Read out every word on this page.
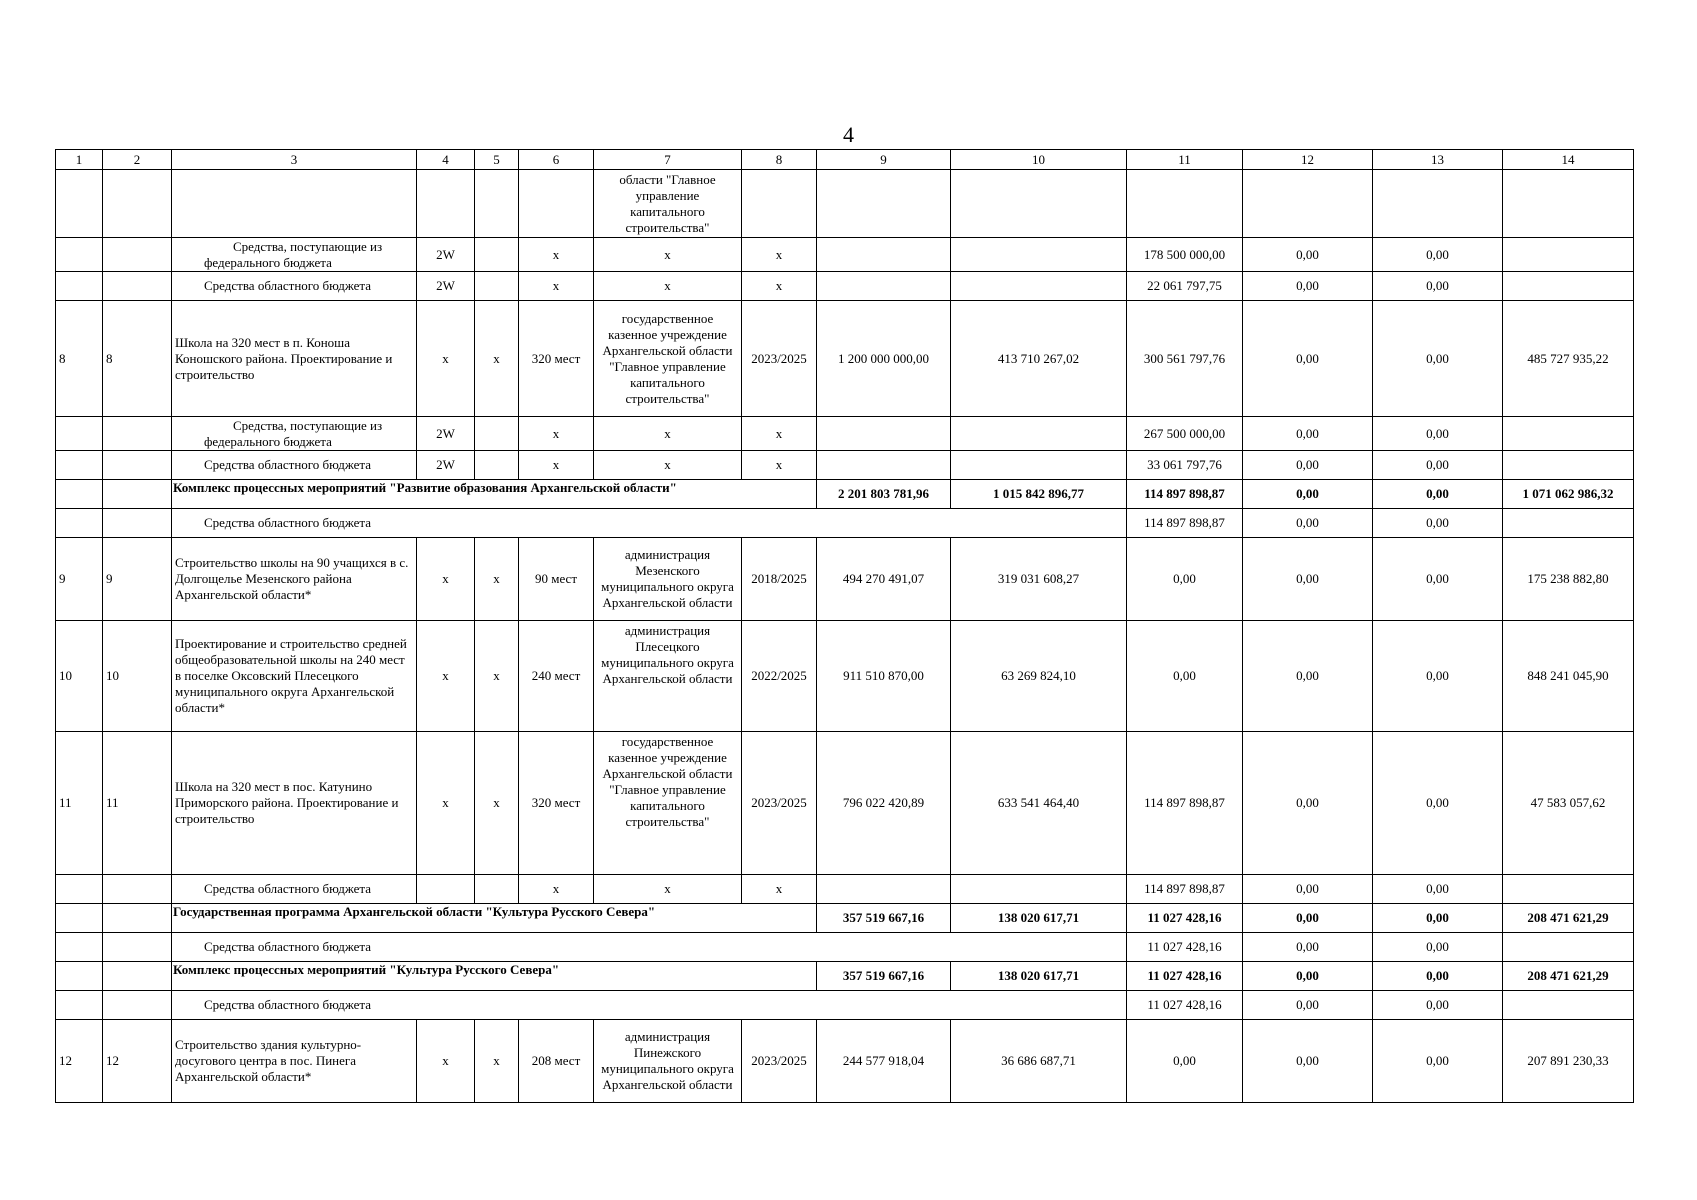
4
1	2	3	4	5	6	7	8	9	10	11	12	13	14
						области "Главное управление капитального строительства"							
		Средства, поступающие из федерального бюджета	2W		x	x	x			178 500 000,00	0,00	0,00	
		Средства областного бюджета	2W		x	x	x			22 061 797,75	0,00	0,00	
8	8	Школа на 320 мест в п. Коноша Коношского района. Проектирование и строительство	x	x	320 мест	государственное казенное учреждение Архангельской области "Главное управление капитального строительства"	2023/2025	1 200 000 000,00	413 710 267,02	300 561 797,76	0,00	0,00	485 727 935,22
		Средства, поступающие из федерального бюджета	2W		x	x	x			267 500 000,00	0,00	0,00	
		Средства областного бюджета	2W		x	x	x			33 061 797,76	0,00	0,00	
		Комплекс процессных мероприятий "Развитие образования Архангельской области"						2 201 803 781,96	1 015 842 896,77	114 897 898,87	0,00	0,00	1 071 062 986,32
		Средства областного бюджета								114 897 898,87	0,00	0,00	
9	9	Строительство школы на 90 учащихся в с. Долгощелье Мезенского района Архангельской области*	x	x	90 мест	администрация Мезенского муниципального округа Архангельской области	2018/2025	494 270 491,07	319 031 608,27	0,00	0,00	0,00	175 238 882,80
10	10	Проектирование и строительство средней общеобразовательной школы на 240 мест в поселке Оксовский Плесецкого муниципального округа Архангельской области*	x	x	240 мест	администрация Плесецкого муниципального округа Архангельской области	2022/2025	911 510 870,00	63 269 824,10	0,00	0,00	0,00	848 241 045,90
11	11	Школа на 320 мест в пос. Катунино Приморского района. Проектирование и строительство	x	x	320 мест	государственное казенное учреждение Архангельской области "Главное управление капитального строительства"	2023/2025	796 022 420,89	633 541 464,40	114 897 898,87	0,00	0,00	47 583 057,62
		Средства областного бюджета			x	x	x			114 897 898,87	0,00	0,00	
		Государственная программа Архангельской области "Культура Русского Севера"						357 519 667,16	138 020 617,71	11 027 428,16	0,00	0,00	208 471 621,29
		Средства областного бюджета								11 027 428,16	0,00	0,00	
		Комплекс процессных мероприятий "Культура Русского Севера"						357 519 667,16	138 020 617,71	11 027 428,16	0,00	0,00	208 471 621,29
		Средства областного бюджета								11 027 428,16	0,00	0,00	
12	12	Строительство здания культурно-досугового центра в пос. Пинега Архангельской области*	x	x	208 мест	администрация Пинежского муниципального округа Архангельской области	2023/2025	244 577 918,04	36 686 687,71	0,00	0,00	0,00	207 891 230,33
